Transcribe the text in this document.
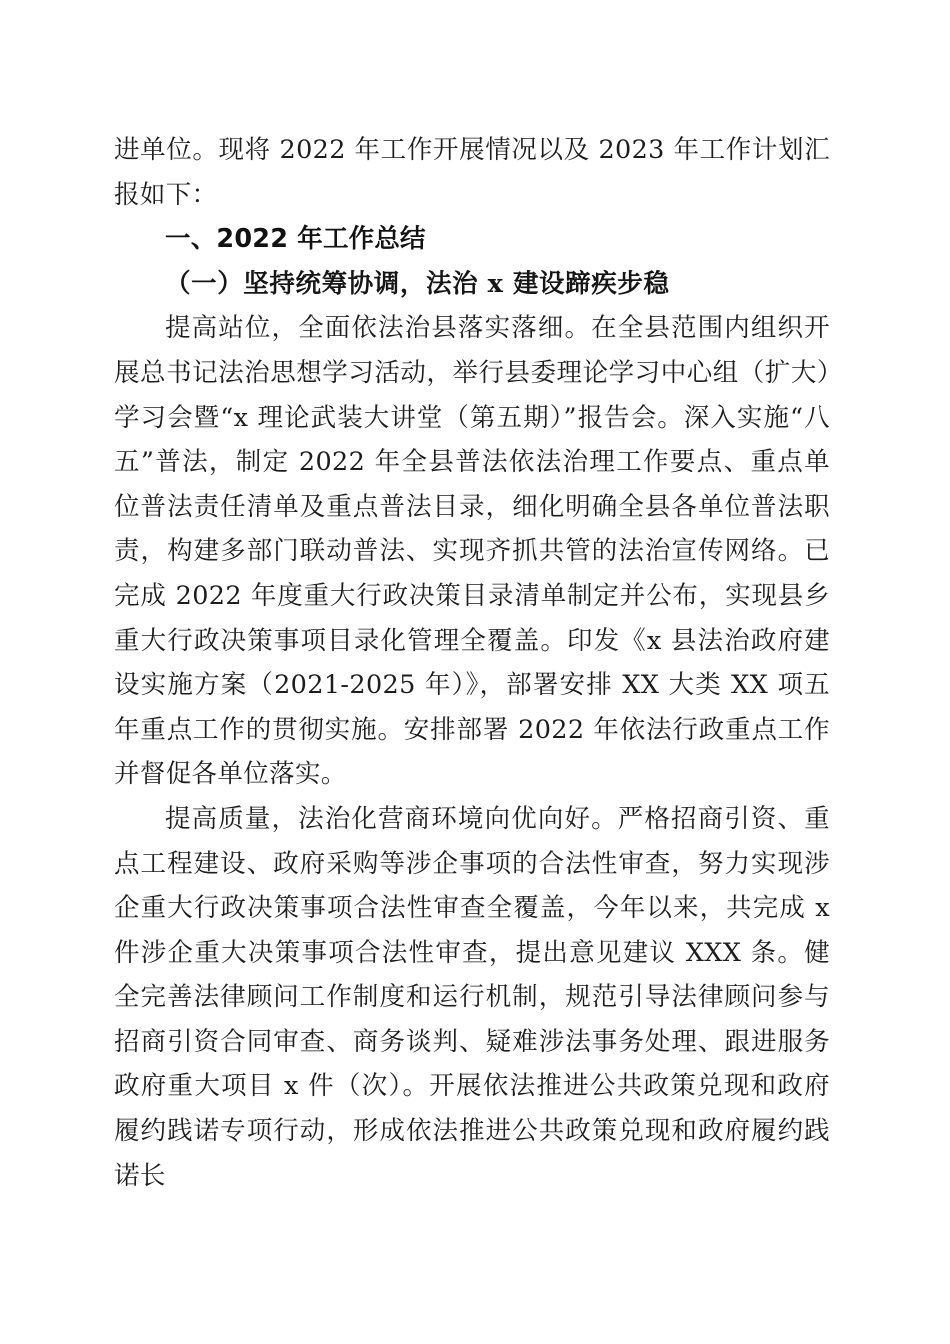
进单位。现将 2022 年工作开展情况以及 2023 年工作计划汇报如下：

一、2022 年工作总结

（一）坚持统筹协调，法治 x 建设蹄疾步稳

提高站位，全面依法治县落实落细。在全县范围内组织开展总书记法治思想学习活动，举行县委理论学习中心组（扩大）学习会暨“x 理论武装大讲堂（第五期）”报告会。深入实施“八五”普法，制定 2022 年全县普法依法治理工作要点、重点单位普法责任清单及重点普法目录，细化明确全县各单位普法职责，构建多部门联动普法、实现齐抓共管的法治宣传网络。已完成 2022 年度重大行政决策目录清单制定并公布，实现县乡重大行政决策事项目录化管理全覆盖。印发《x 县法治政府建设实施方案（2021-2025 年）》，部署安排 XX 大类 XX 项五年重点工作的贯彻实施。安排部署 2022 年依法行政重点工作并督促各单位落实。

提高质量，法治化营商环境向优向好。严格招商引资、重点工程建设、政府采购等涉企事项的合法性审查，努力实现涉企重大行政决策事项合法性审查全覆盖，今年以来，共完成 x 件涉企重大决策事项合法性审查，提出意见建议 XXX 条。健全完善法律顾问工作制度和运行机制，规范引导法律顾问参与招商引资合同审查、商务谈判、疑难涉法事务处理、跟进服务政府重大项目 x 件（次）。开展依法推进公共政策兑现和政府履约践诺专项行动，形成依法推进公共政策兑现和政府履约践诺长
